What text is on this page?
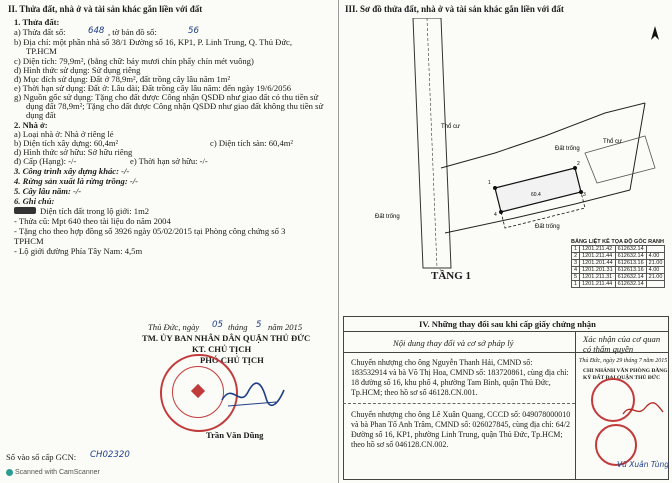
II. Thửa đất, nhà ở và tài sản khác gắn liền với đất
1. Thửa đất:
a) Thửa đất số:	648 , tờ bản đồ số:	56
b) Địa chỉ: một phần nhà số 38/1 Đường số 16, KP1, P. Linh Trung, Q. Thủ Đức,
TP.HCM
c) Diện tích: 79,9m², (bằng chữ: bảy mươi chín phẩy chín mét vuông)
d) Hình thức sử dụng: Sử dụng riêng
đ) Mục đích sử dụng: Đất ở 78,9m², đất trồng cây lâu năm 1m²
e) Thời hạn sử dụng: Đất ở: Lâu dài; Đất trồng cây lâu năm: đến ngày 19/6/2056
g) Nguồn gốc sử dụng: Tặng cho đất được Công nhận QSDĐ như giao đất có thu tiền sử
dụng đất 78,9m²; Tặng cho đất được Công nhận QSDĐ như giao đất không thu tiền sử
dụng đất
2. Nhà ở:
a) Loại nhà ở: Nhà ở riêng lẻ
b) Diện tích xây dựng: 60,4m²	c) Diện tích sàn: 60,4m²
d) Hình thức sở hữu: Sở hữu riêng
đ) Cấp (Hạng): -/-	e) Thời hạn sở hữu: -/-
3. Công trình xây dựng khác: -/-
4. Rừng sản xuất là rừng trồng: -/-
5. Cây lâu năm: -/-
6. Ghi chú:
Diện tích đất trong lộ giới: 1m2
- Thửa cũ: Mpt 640 theo tài liệu đo năm 2004
- Tặng cho theo hợp đồng số 3926 ngày 05/02/2015 tại Phòng công chứng số 3
TPHCM
- Lộ giới đường Phía Tây Nam: 4,5m
Thủ Đức, ngày 05 tháng 5 năm 2015
TM. ỦY BAN NHÂN DÂN QUẬN THỦ ĐỨC
KT. CHỦ TỊCH
PHÓ CHỦ TỊCH
Trần Văn Dũng
Số vào sổ cấp GCN: CH02320
Scanned with CamScanner
III. Sơ đồ thửa đất, nhà ở và tài sản khác gắn liền với đất
Thổ cư
Đất trống
Đất trống
Đất trống
Thổ cư
60.4
1
2
3
4
TẦNG 1
BẢNG LIỆT KÊ TỌA ĐỘ GÓC RANH
1	1201.211.42	612632.14	
2	1201.211.44	612632.14	4.00
3	1201.201.44	612613.16	21.00
4	1201.201.31	612613.16	4.00
5	1201.211.31	612632.14	21.00
1	1201.211.44	612632.14	
IV. Những thay đổi sau khi cấp giấy chứng nhận
Nội dung thay đổi và cơ sở pháp lý	Xác nhận của cơ quan có thẩm quyền
Chuyển nhượng cho ông Nguyễn Thanh Hải, CMND số:
183532914 và bà Võ Thị Hoa, CMND số: 183720861, cùng địa chỉ:
18 đường số 16, khu phố 4, phường Tam Bình, quận Thủ Đức,
Tp.HCM; theo hồ sơ số 46128.CN.001.
Chuyển nhượng cho ông Lê Xuân Quang, CCCD số: 049078000010
và bà Phan Tố Anh Trâm, CMND số: 026027845, cùng địa chỉ: 64/2
Đường số 16, KP1, phường Linh Trung, quận Thủ Đức, Tp.HCM;
theo hồ sơ số 046128.CN.002.
Thủ Đức, ngày 29 tháng 7 năm 2015
CHI NHÁNH VĂN PHÒNG ĐĂNG
KÝ ĐẤT ĐAI QUẬN THỦ ĐỨC
Vũ Xuân Tùng
